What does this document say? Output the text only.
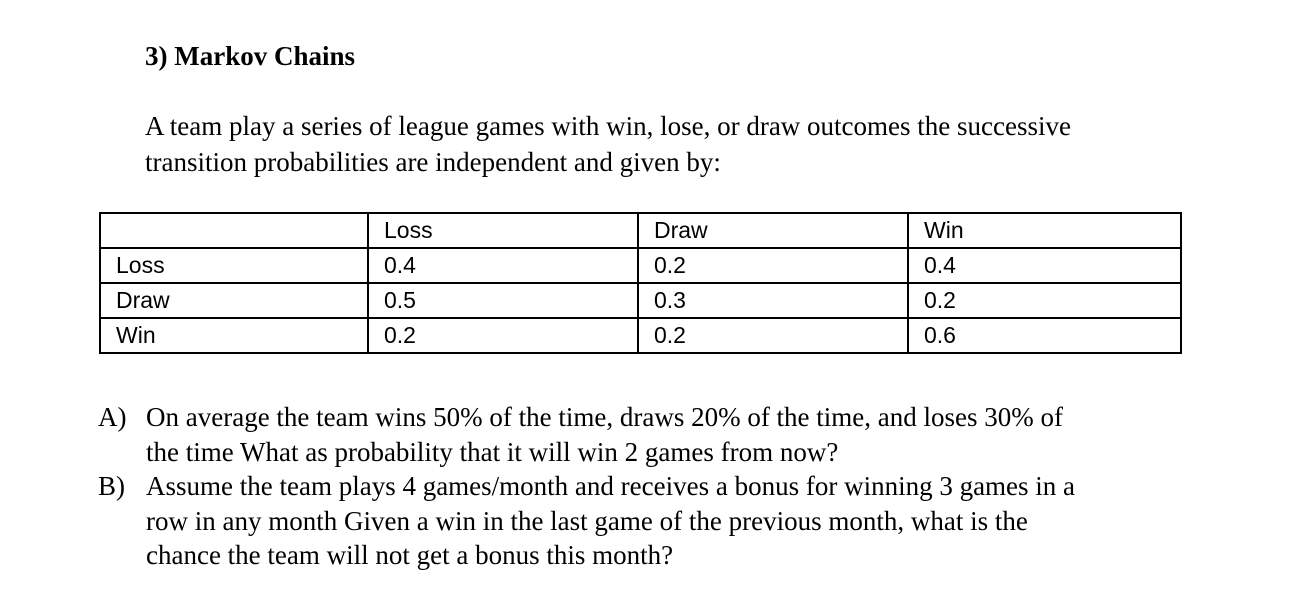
3) Markov Chains
A team play a series of league games with win, lose, or draw outcomes the successive
transition probabilities are independent and given by:
	Loss	Draw	Win
Loss	0.4	0.2	0.4
Draw	0.5	0.3	0.2
Win	0.2	0.2	0.6
A) On average the team wins 50% of the time, draws 20% of the time, and loses 30% of
the time What as probability that it will win 2 games from now?
B) Assume the team plays 4 games/month and receives a bonus for winning 3 games in a
row in any month Given a win in the last game of the previous month, what is the
chance the team will not get a bonus this month?
